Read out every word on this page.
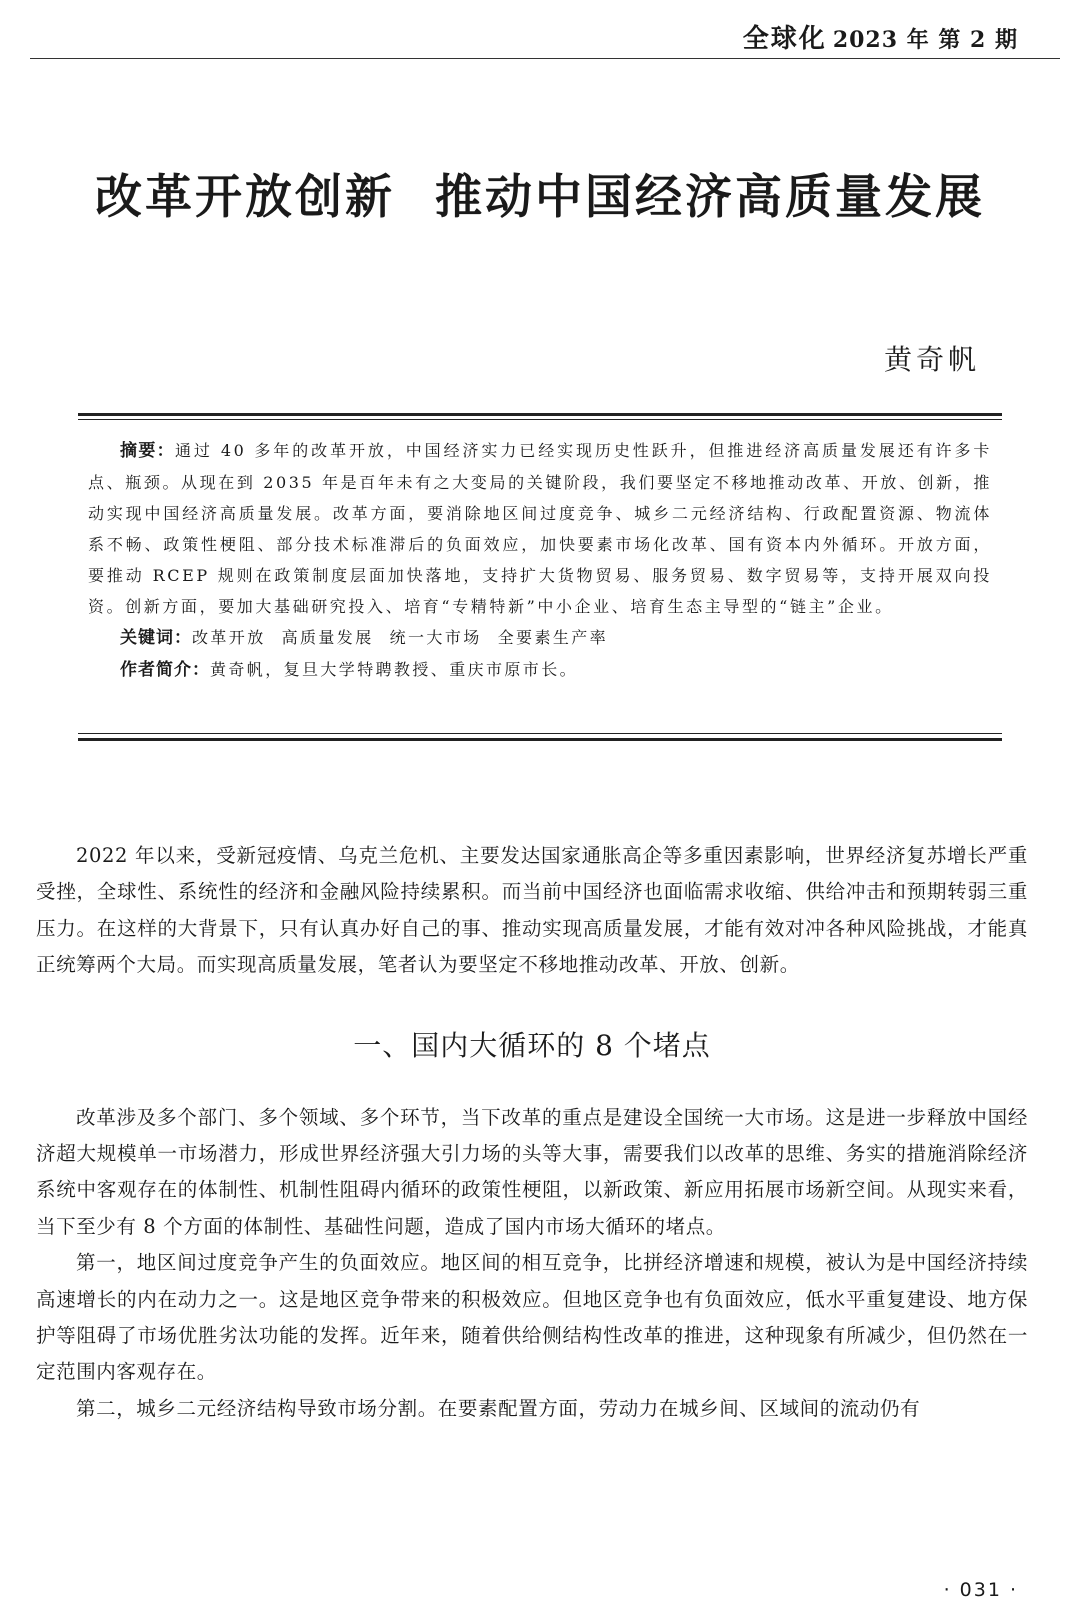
全球化 2023 年 第 2 期
改革开放创新 推动中国经济高质量发展
黄奇帆

摘要：通过 40 多年的改革开放，中国经济实力已经实现历史性跃升，但推进经济高质量发展还有许多卡点、瓶颈。从现在到 2035 年是百年未有之大变局的关键阶段，我们要坚定不移地推动改革、开放、创新，推动实现中国经济高质量发展。改革方面，要消除地区间过度竞争、城乡二元经济结构、行政配置资源、物流体系不畅、政策性梗阻、部分技术标准滞后的负面效应，加快要素市场化改革、国有资本内外循环。开放方面，要推动 RCEP 规则在政策制度层面加快落地，支持扩大货物贸易、服务贸易、数字贸易等，支持开展双向投资。创新方面，要加大基础研究投入、培育“专精特新”中小企业、培育生态主导型的“链主”企业。

关键词：改革开放 高质量发展 统一大市场 全要素生产率

作者简介：黄奇帆，复旦大学特聘教授、重庆市原市长。

2022 年以来，受新冠疫情、乌克兰危机、主要发达国家通胀高企等多重因素影响，世界经济复苏增长严重受挫，全球性、系统性的经济和金融风险持续累积。而当前中国经济也面临需求收缩、供给冲击和预期转弱三重压力。在这样的大背景下，只有认真办好自己的事、推动实现高质量发展，才能有效对冲各种风险挑战，才能真正统筹两个大局。而实现高质量发展，笔者认为要坚定不移地推动改革、开放、创新。

一、国内大循环的 8 个堵点

改革涉及多个部门、多个领域、多个环节，当下改革的重点是建设全国统一大市场。这是进一步释放中国经济超大规模单一市场潜力，形成世界经济强大引力场的头等大事，需要我们以改革的思维、务实的措施消除经济系统中客观存在的体制性、机制性阻碍内循环的政策性梗阻，以新政策、新应用拓展市场新空间。从现实来看，当下至少有 8 个方面的体制性、基础性问题，造成了国内市场大循环的堵点。

第一，地区间过度竞争产生的负面效应。地区间的相互竞争，比拼经济增速和规模，被认为是中国经济持续高速增长的内在动力之一。这是地区竞争带来的积极效应。但地区竞争也有负面效应，低水平重复建设、地方保护等阻碍了市场优胜劣汰功能的发挥。近年来，随着供给侧结构性改革的推进，这种现象有所减少，但仍然在一定范围内客观存在。

第二，城乡二元经济结构导致市场分割。在要素配置方面，劳动力在城乡间、区域间的流动仍有

· 031 ·
